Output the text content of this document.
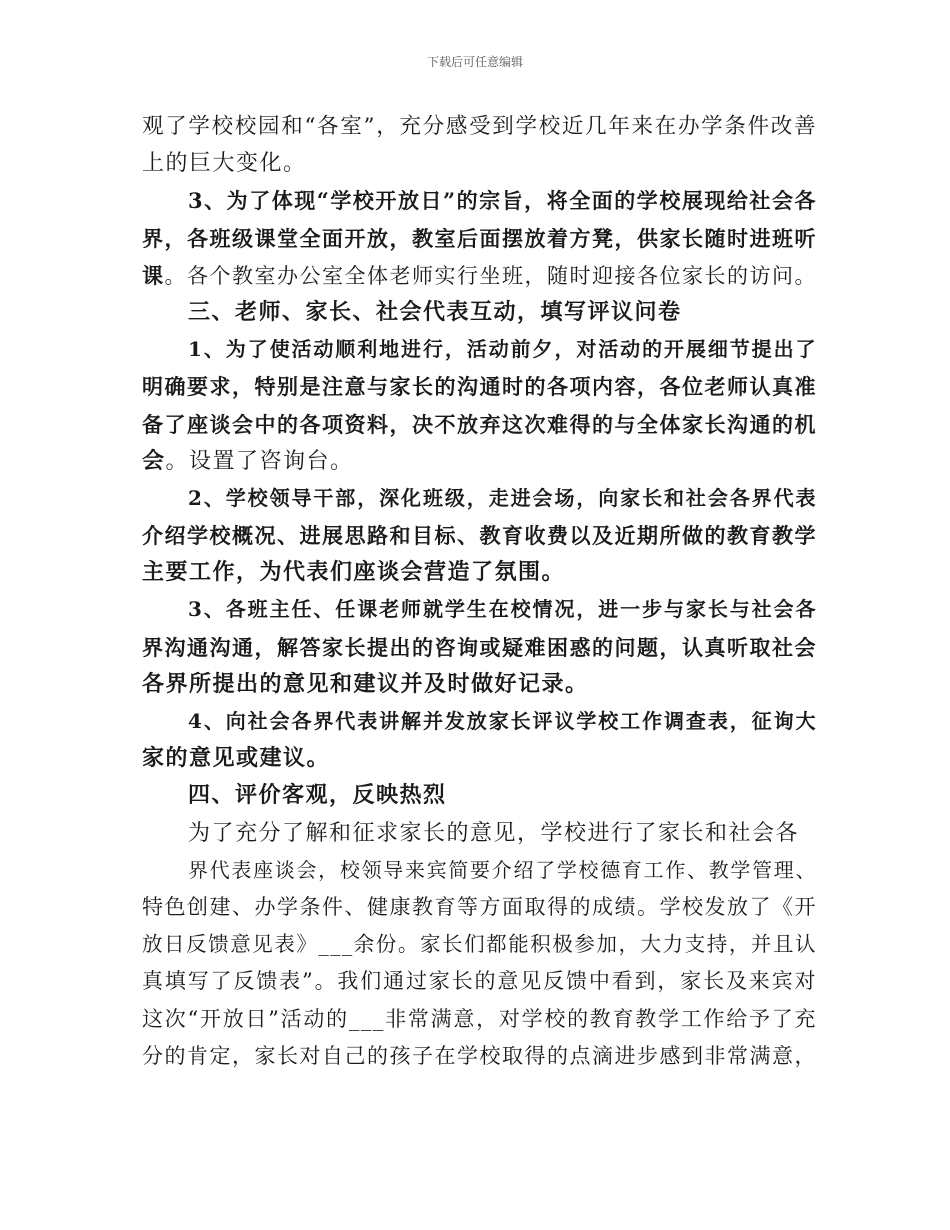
下载后可任意编辑
观了学校校园和“各室”，充分感受到学校近几年来在办学条件改善
上的巨大变化。
3、为了体现“学校开放日”的宗旨，将全面的学校展现给社会各
界，各班级课堂全面开放，教室后面摆放着方凳，供家长随时进班听
课。各个教室办公室全体老师实行坐班，随时迎接各位家长的访问。
三、老师、家长、社会代表互动，填写评议问卷
1、为了使活动顺利地进行，活动前夕，对活动的开展细节提出了
明确要求，特别是注意与家长的沟通时的各项内容，各位老师认真准
备了座谈会中的各项资料，决不放弃这次难得的与全体家长沟通的机
会。设置了咨询台。
2、学校领导干部，深化班级，走进会场，向家长和社会各界代表
介绍学校概况、进展思路和目标、教育收费以及近期所做的教育教学
主要工作，为代表们座谈会营造了氛围。
3、各班主任、任课老师就学生在校情况，进一步与家长与社会各
界沟通沟通，解答家长提出的咨询或疑难困惑的问题，认真听取社会
各界所提出的意见和建议并及时做好记录。
4、向社会各界代表讲解并发放家长评议学校工作调查表，征询大
家的意见或建议。
四、评价客观，反映热烈
为了充分了解和征求家长的意见，学校进行了家长和社会各
界代表座谈会，校领导来宾简要介绍了学校德育工作、教学管理、
特色创建、办学条件、健康教育等方面取得的成绩。学校发放了《开
放日反馈意见表》___余份。家长们都能积极参加，大力支持，并且认
真填写了反馈表”。我们通过家长的意见反馈中看到，家长及来宾对
这次“开放日”活动的___非常满意，对学校的教育教学工作给予了充
分的肯定，家长对自己的孩子在学校取得的点滴进步感到非常满意，
